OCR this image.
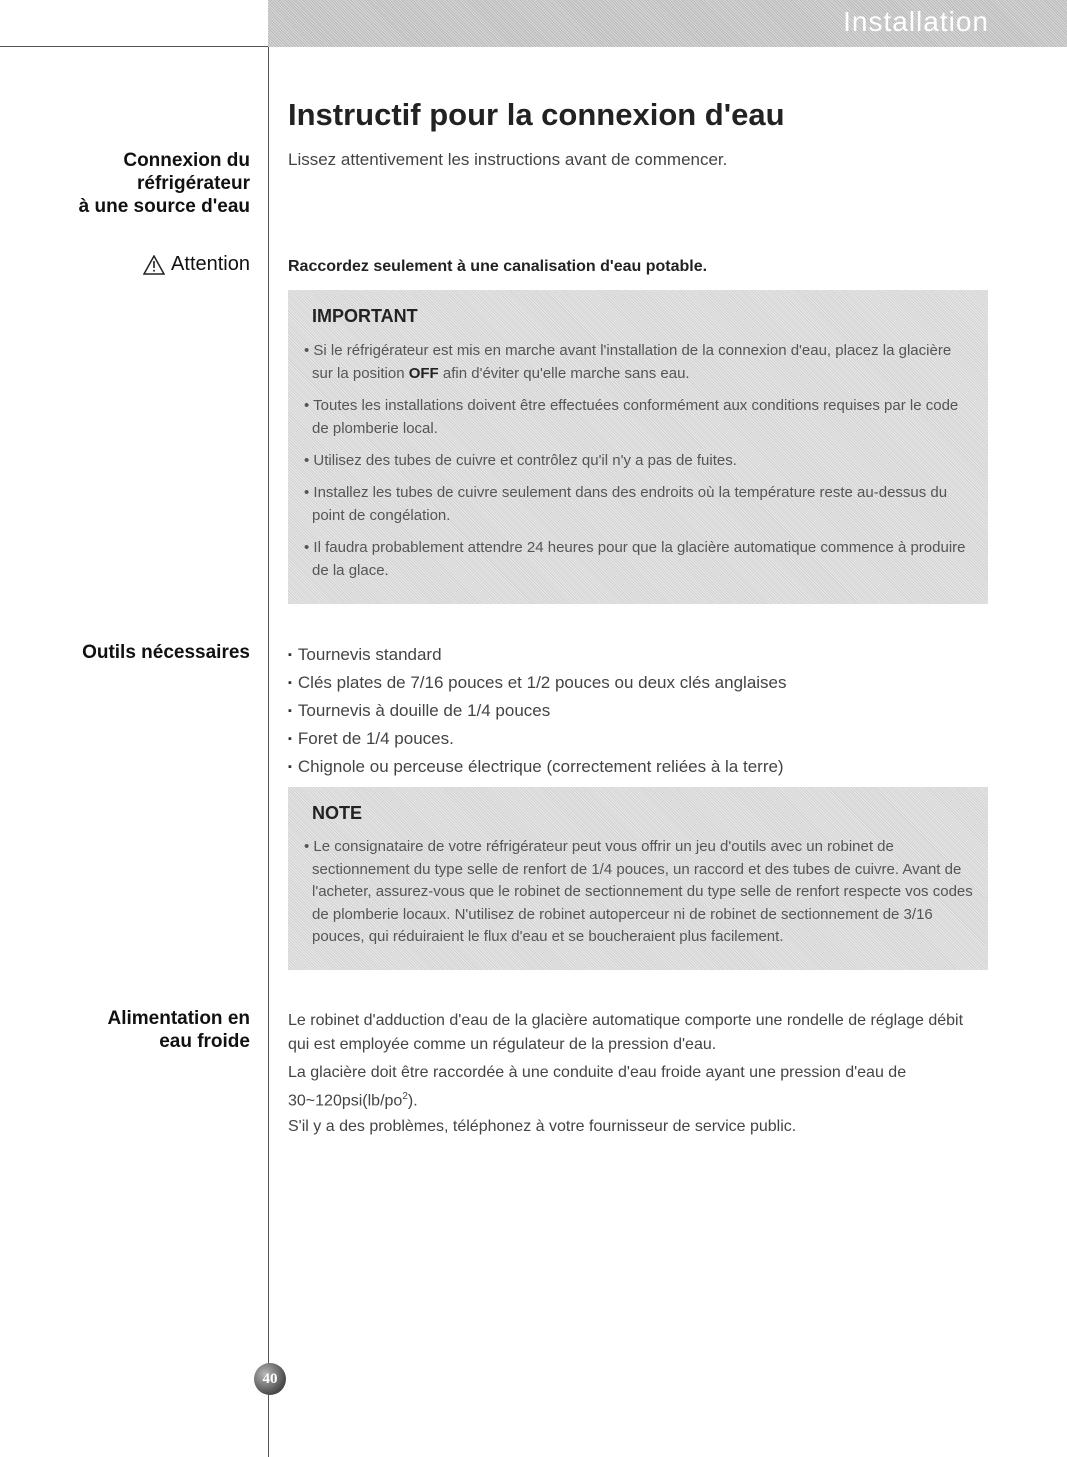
Installation
Connexion du
réfrigérateur
à une source d'eau
Attention
Outils nécessaires
Alimentation en
eau froide
Instructif pour la connexion d'eau

Lissez attentivement les instructions avant de commencer.

Raccordez seulement à une canalisation d'eau potable.

IMPORTANT
• Si le réfrigérateur est mis en marche avant l'installation de la connexion d'eau, placez la glacière sur la position OFF afin d'éviter qu'elle marche sans eau.
• Toutes les installations doivent être effectuées conformément aux conditions requises par le code de plomberie local.
• Utilisez des tubes de cuivre et contrôlez qu'il n'y a pas de fuites.
• Installez les tubes de cuivre seulement dans des endroits où la température reste au-dessus du point de congélation.
• Il faudra probablement attendre 24 heures pour que la glacière automatique commence à produire de la glace.
▪ Tournevis standard
▪ Clés plates de 7/16 pouces et 1/2 pouces ou deux clés anglaises
▪ Tournevis à douille de 1/4 pouces
▪ Foret de 1/4 pouces.
▪ Chignole ou perceuse électrique (correctement reliées à la terre)
NOTE
• Le consignataire de votre réfrigérateur peut vous offrir un jeu d'outils avec un robinet de sectionnement du type selle de renfort de 1/4 pouces, un raccord et des tubes de cuivre. Avant de l'acheter, assurez-vous que le robinet de sectionnement du type selle de renfort respecte vos codes de plomberie locaux. N'utilisez de robinet autoperceur ni de robinet de sectionnement de 3/16 pouces, qui réduiraient le flux d'eau et se boucheraient plus facilement.

Le robinet d'adduction d'eau de la glacière automatique comporte une rondelle de réglage débit qui est employée comme un régulateur de la pression d'eau.

La glacière doit être raccordée à une conduite d'eau froide ayant une pression d'eau de $30\sim 120psi(lb/po^2)$.

S'il y a des problèmes, téléphonez à votre fournisseur de service public.

40
